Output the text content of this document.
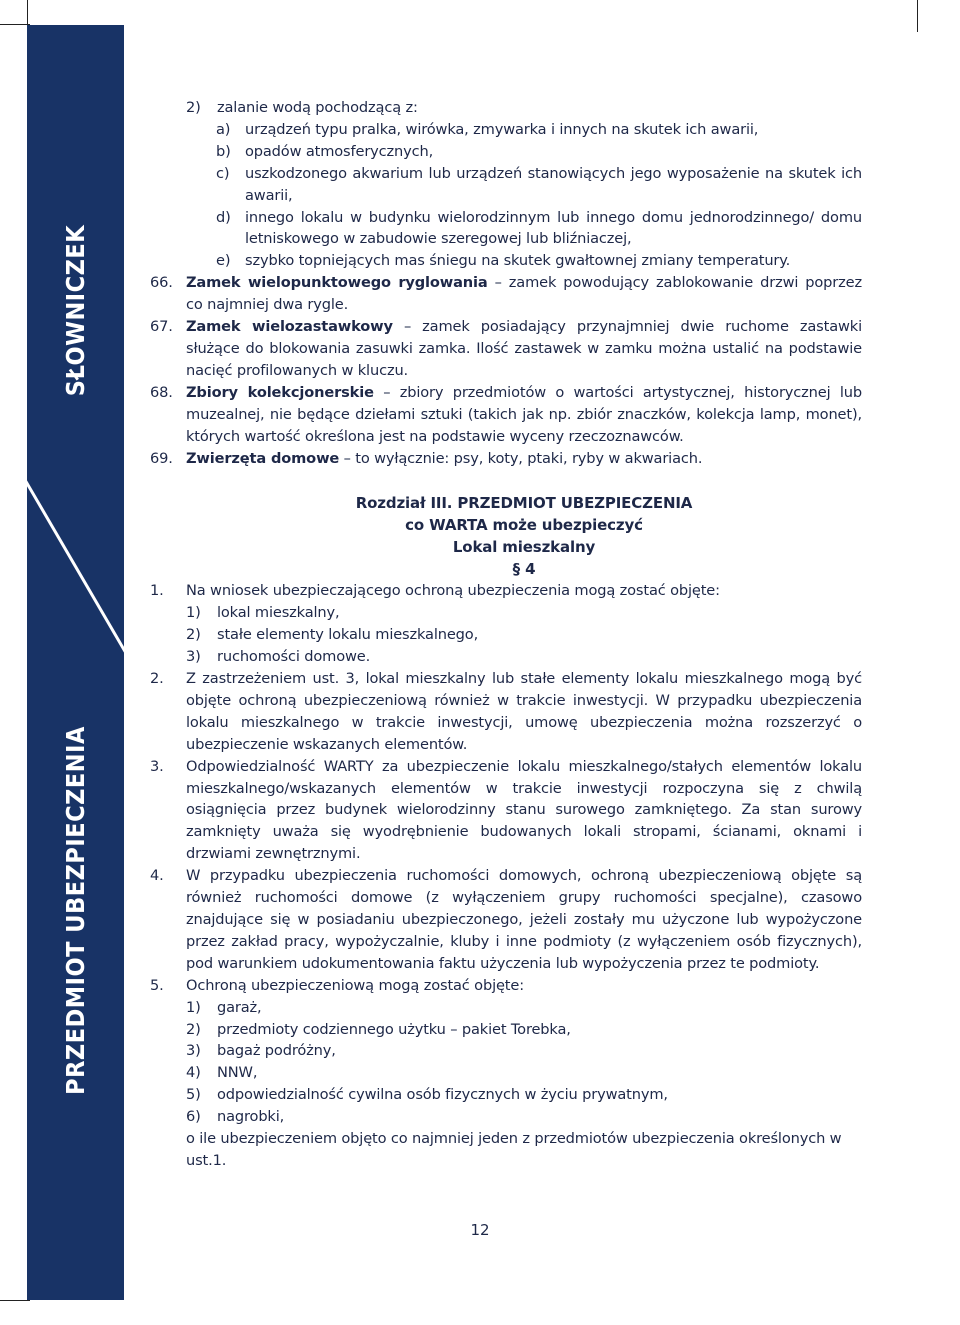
SŁOWNICZEK
PRZEDMIOT UBEZPIECZENIA
2)	zalanie wodą pochodzącą z:
a)	urządzeń typu pralka, wirówka, zmywarka i innych na skutek ich awarii,
b) opadów atmosferycznych,
c)	uszkodzonego akwarium lub urządzeń stanowiących jego wyposażenie na skutek ich awarii,
d) innego lokalu w budynku wielorodzinnym lub innego domu jednorodzinnego/ domu letniskowego w zabudowie szeregowej lub bliźniaczej,
e)	szybko topniejących mas śniegu na skutek gwałtownej zmiany temperatury.
66. Zamek wielopunktowego ryglowania – zamek powodujący zablokowanie drzwi poprzez co najmniej dwa rygle.
67. Zamek wielozastawkowy – zamek posiadający przynajmniej dwie ruchome zastawki służące do blokowania zasuwki zamka. Ilość zastawek w zamku można ustalić na podstawie nacięć profilowanych w kluczu.
68. Zbiory kolekcjonerskie – zbiory przedmiotów o wartości artystycznej, historycznej lub muzealnej, nie będące dziełami sztuki (takich jak np. zbiór znaczków, kolekcja lamp, monet), których wartość określona jest na podstawie wyceny rzeczoznawców.
69. Zwierzęta domowe – to wyłącznie: psy, koty, ptaki, ryby w akwariach.
Rozdział III. PRZEDMIOT UBEZPIECZENIA
co WARTA może ubezpieczyć
Lokal mieszkalny
§ 4
1. Na wniosek ubezpieczającego ochroną ubezpieczenia mogą zostać objęte:
1)	lokal mieszkalny,
2)	stałe elementy lokalu mieszkalnego,
3)	ruchomości domowe.
2. Z zastrzeżeniem ust. 3, lokal mieszkalny lub stałe elementy lokalu mieszkalnego mogą być objęte ochroną ubezpieczeniową również w trakcie inwestycji. W przypadku ubezpieczenia lokalu mieszkalnego w trakcie inwestycji, umowę ubezpieczenia można rozszerzyć o ubezpieczenie wskazanych elementów.
3. Odpowiedzialność WARTY za ubezpieczenie lokalu mieszkalnego/stałych elementów lokalu mieszkalnego/wskazanych elementów w trakcie inwestycji rozpoczyna się z chwilą osiągnięcia przez budynek wielorodzinny stanu surowego zamkniętego. Za stan surowy zamknięty uważa się wyodrębnienie budowanych lokali stropami, ścianami, oknami i drzwiami zewnętrznymi.
4. W przypadku ubezpieczenia ruchomości domowych, ochroną ubezpieczeniową objęte są również ruchomości domowe (z wyłączeniem grupy ruchomości specjalne), czasowo znajdujące się w posiadaniu ubezpieczonego, jeżeli zostały mu użyczone lub wypożyczone przez zakład pracy, wypożyczalnie, kluby i inne podmioty (z wyłączeniem osób fizycznych), pod warunkiem udokumentowania faktu użyczenia lub wypożyczenia przez te podmioty.
5. Ochroną ubezpieczeniową mogą zostać objęte:
1)	garaż,
2)	przedmioty codziennego użytku – pakiet Torebka,
3)	bagaż podróżny,
4)	NNW,
5)	odpowiedzialność cywilna osób fizycznych w życiu prywatnym,
6)	nagrobki,
o ile ubezpieczeniem objęto co najmniej jeden z przedmiotów ubezpieczenia określonych w ust.1.
12
